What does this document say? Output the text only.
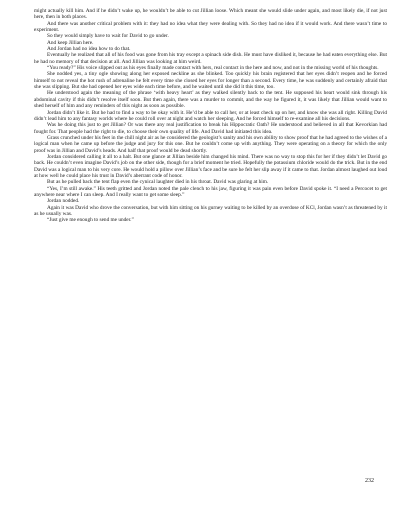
might actually kill him. And if he didn’t wake up, he wouldn’t be able to cut Jillian loose. Which meant she would slide under again, and most likely die, if not just here, then in both places.

And there was another critical problem with it: they had no idea what they were dealing with. So they had no idea if it would work. And there wasn’t time to experiment.

So they would simply have to wait for David to go under.

And keep Jillian here.

And Jordan had no idea how to do that.

Eventually he realized that all of his food was gone from his tray except a spinach side dish. He must have disliked it, because he had eaten everything else. But he had no memory of that decision at all. And Jillian was looking at him weird.

“You ready?” His voice slipped out as his eyes finally made contact with hers, real contact in the here and now, and not in the missing world of his thoughts.

She nodded yes, a tiny ogle showing along her exposed neckline as she blinked. Too quickly his brain registered that her eyes didn’t reopen and he forced himself to not reveal the hot rush of adrenaline he felt every time she closed her eyes for longer than a second. Every time, he was suddenly and certainly afraid that she was slipping. But she had opened her eyes wide each time before, and he waited until she did it this time, too.

He understood again the meaning of the phrase ‘with heavy heart’ as they walked silently back to the tent. He supposed his heart would sink through his abdominal cavity if this didn’t resolve itself soon. But then again, there was a murder to commit, and the way he figured it, it was likely that Jillian would want to shed herself of him and any reminders of this night as soon as possible.

Jordan didn’t like it. But he had to find a way to be okay with it. He’d be able to call her, or at least check up on her, and know she was all right. Killing David didn’t lead him to any fantasy worlds where he could roll over at night and watch her sleeping. And he forced himself to re-examine all his decisions.

Was he doing this just to get Jillian? Or was there any real justification to break his Hippocratic Oath? He understood and believed in all that Kevorkian had fought for. That people had the right to die, to choose their own quality of life. And David had initiated this idea.

Grass crunched under his feet in the chill night air as he considered the geologist’s sanity and his own ability to show proof that he had agreed to the wishes of a logical man when he came up before the judge and jury for this one. But he couldn’t come up with anything. They were operating on a theory for which the only proof was in Jillian and David’s heads. And half that proof would be dead shortly.

Jordan considered calling it all to a halt. But one glance at Jillian beside him changed his mind. There was no way to stop this for her if they didn’t let David go back. He couldn’t even imagine David’s job on the other side, though for a brief moment he tried. Hopefully the potassium chloride would do the trick. But in the end David was a logical man to his very core. He would hold a pillow over Jillian’s face and be sure he felt her slip away if it came to that. Jordan almost laughed out loud at how well he could place his trust in David’s aberrant code of honor.

But as he pulled back the tent flap even the cynical laughter died in his throat. David was glaring at him.

“Yes, I’m still awake.” His teeth gritted and Jordan noted the pale clench to his jaw, figuring it was pain even before David spoke it. “I need a Percocet to get anywhere near where I can sleep. And I really want to get some sleep.”

Jordan nodded.

Again it was David who drove the conversation, but with him sitting on his gurney waiting to be killed by an overdose of KCl, Jordan wasn’t as threatened by it as he usually was.

“Just give me enough to send me under.”

232
